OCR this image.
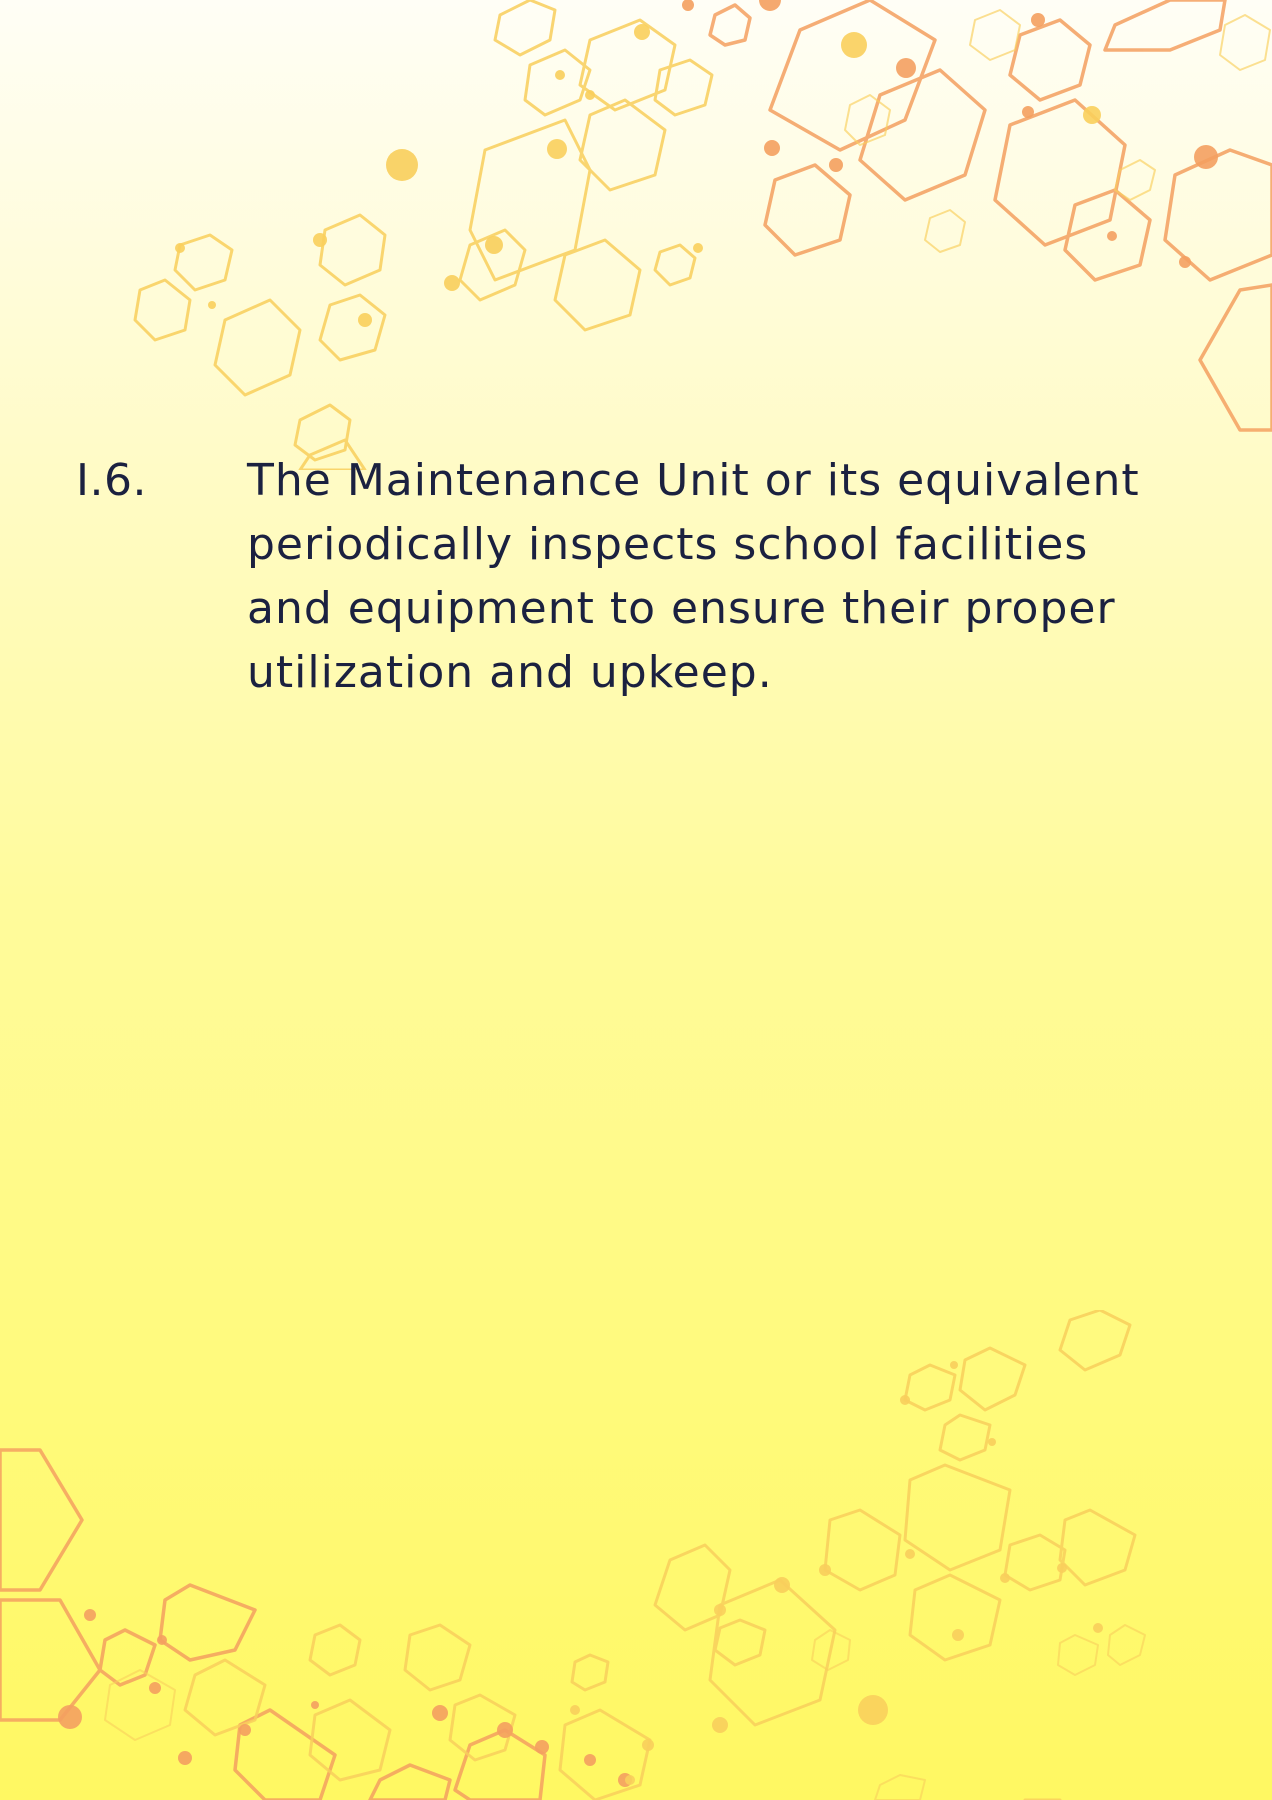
I.6. The Maintenance Unit or its equivalent periodically inspects school facilities and equipment to ensure their proper utilization and upkeep.
